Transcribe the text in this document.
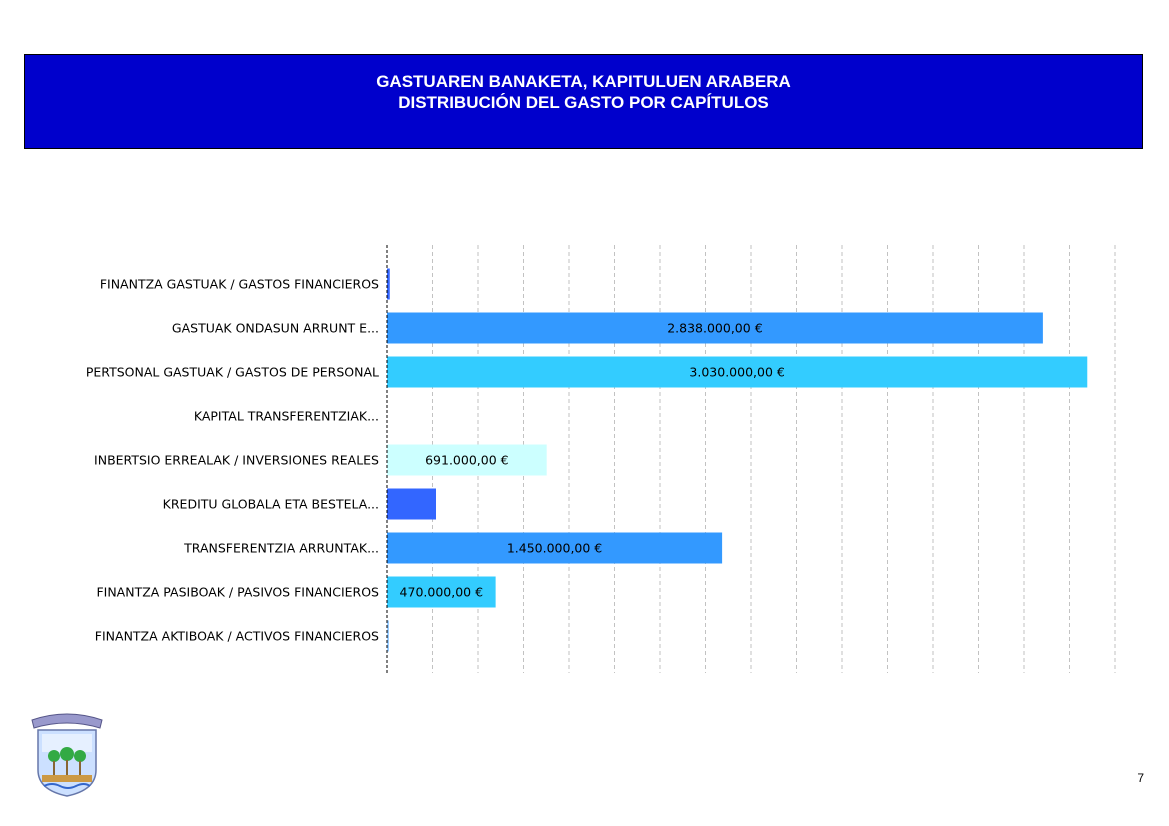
GASTUAREN BANAKETA, KAPITULUEN ARABERA
DISTRIBUCIÓN DEL GASTO POR CAPÍTULOS
FINANTZA GASTUAK / GASTOS FINANCIEROS
GASTUAK ONDASUN ARRUNT E...
PERTSONAL GASTUAK / GASTOS DE PERSONAL
KAPITAL TRANSFERENTZIAK...
INBERTSIO ERREALAK / INVERSIONES REALES
KREDITU GLOBALA ETA BESTELA...
TRANSFERENTZIA ARRUNTAK...
FINANTZA PASIBOAK / PASIVOS FINANCIEROS
FINANTZA AKTIBOAK / ACTIVOS FINANCIEROS
2.838.000,00 €
3.030.000,00 €
691.000,00 €
1.450.000,00 €
470.000,00 €
7
